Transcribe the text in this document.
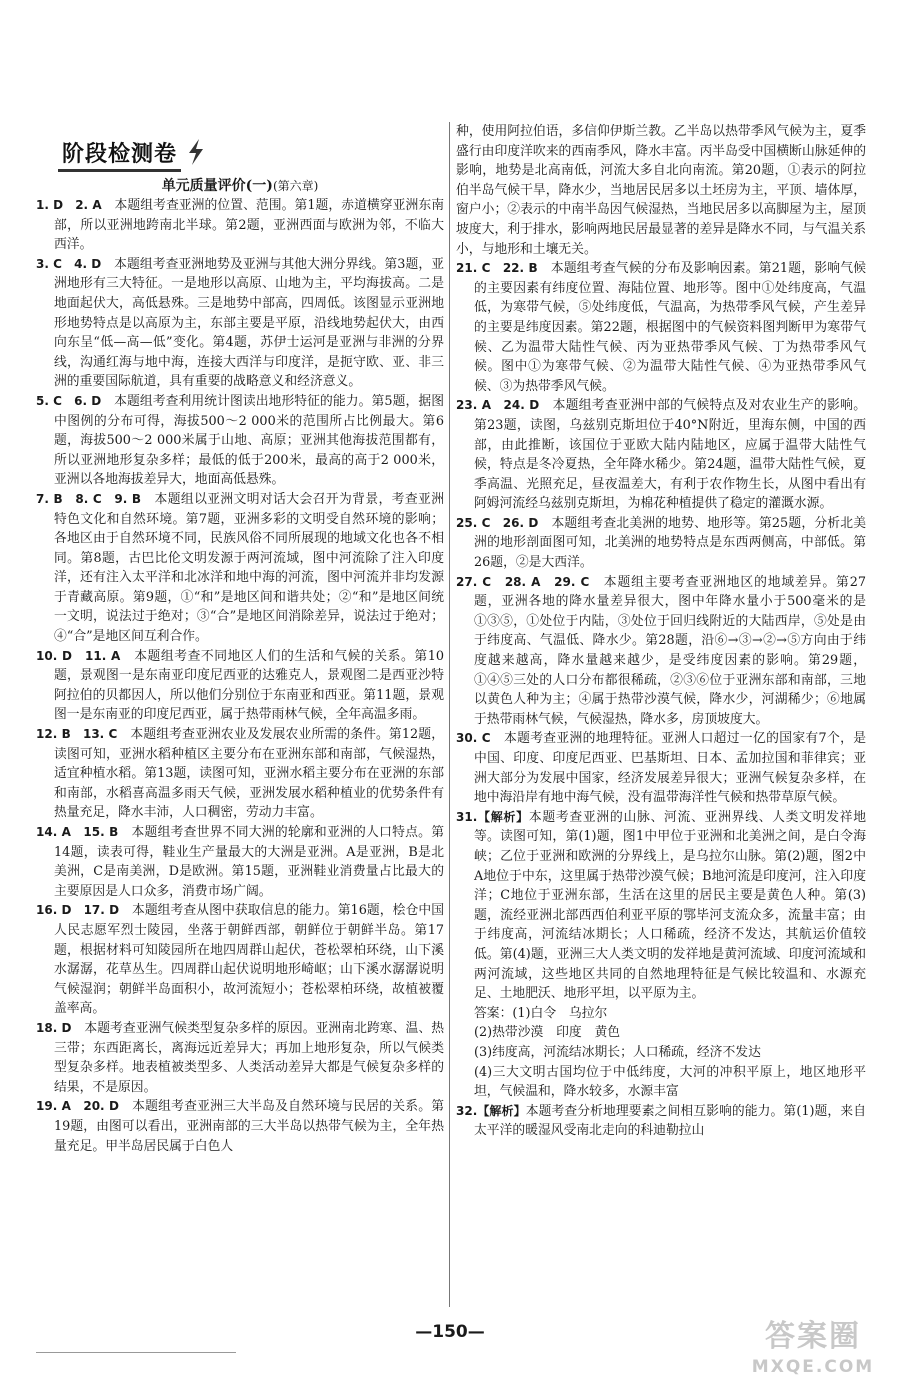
阶段检测卷
单元质量评价(一)(第六章)

1. D　2. A　本题组考查亚洲的位置、范围。第1题，赤道横穿亚洲东南部，所以亚洲地跨南北半球。第2题，亚洲西面与欧洲为邻，不临大西洋。

3. C　4. D　本题组考查亚洲地势及亚洲与其他大洲分界线。第3题，亚洲地形有三大特征。一是地形以高原、山地为主，平均海拔高。二是地面起伏大，高低悬殊。三是地势中部高，四周低。该图显示亚洲地形地势特点是以高原为主，东部主要是平原，沿线地势起伏大，由西向东呈“低—高—低”变化。第4题，苏伊士运河是亚洲与非洲的分界线，沟通红海与地中海，连接大西洋与印度洋，是扼守欧、亚、非三洲的重要国际航道，具有重要的战略意义和经济意义。

5. C　6. D　本题组考查利用统计图读出地形特征的能力。第5题，据图中图例的分布可得，海拔500～2 000米的范围所占比例最大。第6题，海拔500～2 000米属于山地、高原；亚洲其他海拔范围都有，所以亚洲地形复杂多样；最低的低于200米，最高的高于2 000米，亚洲以各地海拔差异大，地面高低悬殊。

7. B　8. C　9. B　本题组以亚洲文明对话大会召开为背景，考查亚洲特色文化和自然环境。第7题，亚洲多彩的文明受自然环境的影响；各地区由于自然环境不同，民族风俗不同所展现的地域文化也各不相同。第8题，古巴比伦文明发源于两河流域，图中河流除了注入印度洋，还有注入太平洋和北冰洋和地中海的河流，图中河流并非均发源于青藏高原。第9题，①“和”是地区间和谐共处；②“和”是地区间统一文明，说法过于绝对；③“合”是地区间消除差异，说法过于绝对；④“合”是地区间互利合作。

10. D　11. A　本题组考查不同地区人们的生活和气候的关系。第10题，景观图一是东南亚印度尼西亚的达雅克人，景观图二是西亚沙特阿拉伯的贝都因人，所以他们分别位于东南亚和西亚。第11题，景观图一是东南亚的印度尼西亚，属于热带雨林气候，全年高温多雨。

12. B　13. C　本题组考查亚洲农业及发展农业所需的条件。第12题，读图可知，亚洲水稻种植区主要分布在亚洲东部和南部，气候湿热，适宜种植水稻。第13题，读图可知，亚洲水稻主要分布在亚洲的东部和南部，水稻喜高温多雨天气候，亚洲发展水稻种植业的优势条件有热量充足，降水丰沛，人口稠密，劳动力丰富。

14. A　15. B　本题组考查世界不同大洲的轮廓和亚洲的人口特点。第14题，读表可得，鞋业生产量最大的大洲是亚洲。A是亚洲，B是北美洲，C是南美洲，D是欧洲。第15题，亚洲鞋业消费量占比最大的主要原因是人口众多，消费市场广阔。

16. D　17. D　本题组考查从图中获取信息的能力。第16题，桧仓中国人民志愿军烈士陵园，坐落于朝鲜西部，朝鲜位于朝鲜半岛。第17题，根据材料可知陵园所在地四周群山起伏，苍松翠柏环绕，山下溪水潺潺，花草丛生。四周群山起伏说明地形崎岖；山下溪水潺潺说明气候湿润；朝鲜半岛面积小，故河流短小；苍松翠柏环绕，故植被覆盖率高。

18. D　本题考查亚洲气候类型复杂多样的原因。亚洲南北跨寒、温、热三带；东西距离长，离海远近差异大；再加上地形复杂，所以气候类型复杂多样。地表植被类型多、人类活动差异大都是气候复杂多样的结果，不是原因。

19. A　20. D　本题组考查亚洲三大半岛及自然环境与民居的关系。第19题，由图可以看出，亚洲南部的三大半岛以热带气候为主，全年热量充足。甲半岛居民属于白色人

种，使用阿拉伯语，多信仰伊斯兰教。乙半岛以热带季风气候为主，夏季盛行由印度洋吹来的西南季风，降水丰富。丙半岛受中国横断山脉延伸的影响，地势是北高南低，河流大多自北向南流。第20题，①表示的阿拉伯半岛气候干旱，降水少，当地居民居多以土坯房为主，平顶、墙体厚，窗户小；②表示的中南半岛因气候湿热，当地民居多以高脚屋为主，屋顶坡度大，利于排水，影响两地民居最显著的差异是降水不同，与气温关系小，与地形和土壤无关。

21. C　22. B　本题组考查气候的分布及影响因素。第21题，影响气候的主要因素有纬度位置、海陆位置、地形等。图中①处纬度高，气温低，为寒带气候，⑤处纬度低，气温高，为热带季风气候，产生差异的主要是纬度因素。第22题，根据图中的气候资料图判断甲为寒带气候、乙为温带大陆性气候、丙为亚热带季风气候、丁为热带季风气候。图中①为寒带气候、②为温带大陆性气候、④为亚热带季风气候、③为热带季风气候。

23. A　24. D　本题组考查亚洲中部的气候特点及对农业生产的影响。第23题，读图，乌兹别克斯坦位于40°N附近，里海东侧，中国的西部，由此推断，该国位于亚欧大陆内陆地区，应属于温带大陆性气候，特点是冬冷夏热，全年降水稀少。第24题，温带大陆性气候，夏季高温、光照充足，昼夜温差大，有利于农作物生长，从图中看出有阿姆河流经乌兹别克斯坦，为棉花种植提供了稳定的灌溉水源。

25. C　26. D　本题组考查北美洲的地势、地形等。第25题，分析北美洲的地形剖面图可知，北美洲的地势特点是东西两侧高，中部低。第26题，②是大西洋。

27. C　28. A　29. C　本题组主要考查亚洲地区的地域差异。第27题，亚洲各地的降水量差异很大，图中年降水量小于500毫米的是①③⑤，①处位于内陆，③处位于回归线附近的大陆西岸，⑤处是由于纬度高、气温低、降水少。第28题，沿⑥→③→②→⑤方向由于纬度越来越高，降水量越来越少，是受纬度因素的影响。第29题，①④⑤三处的人口分布都很稀疏，②③⑥位于亚洲东部和南部，三地以黄色人种为主；④属于热带沙漠气候，降水少，河湖稀少；⑥地属于热带雨林气候，气候湿热，降水多，房顶坡度大。

30. C　本题考查亚洲的地理特征。亚洲人口超过一亿的国家有7个，是中国、印度、印度尼西亚、巴基斯坦、日本、孟加拉国和菲律宾；亚洲大部分为发展中国家，经济发展差异很大；亚洲气候复杂多样，在地中海沿岸有地中海气候，没有温带海洋性气候和热带草原气候。

31.【解析】本题考查亚洲的山脉、河流、亚洲界线、人类文明发祥地等。读图可知，第(1)题，图1中甲位于亚洲和北美洲之间，是白令海峡；乙位于亚洲和欧洲的分界线上，是乌拉尔山脉。第(2)题，图2中A地位于中东，这里属于热带沙漠气候；B地河流是印度河，注入印度洋；C地位于亚洲东部，生活在这里的居民主要是黄色人种。第(3)题，流经亚洲北部西西伯利亚平原的鄂毕河支流众多，流量丰富；由于纬度高，河流结冰期长；人口稀疏，经济不发达，其航运价值较低。第(4)题，亚洲三大人类文明的发祥地是黄河流域、印度河流域和两河流域，这些地区共同的自然地理特征是气候比较温和、水源充足、土地肥沃、地形平坦，以平原为主。

答案：(1)白令　乌拉尔

(2)热带沙漠　印度　黄色

(3)纬度高，河流结冰期长；人口稀疏，经济不发达

(4)三大文明古国均位于中低纬度，大河的冲积平原上，地区地形平坦，气候温和，降水较多，水源丰富

32.【解析】本题考查分析地理要素之间相互影响的能力。第(1)题，来自太平洋的暖湿风受南北走向的科迪勒拉山

—150—	答案圈
MXQE.COM
